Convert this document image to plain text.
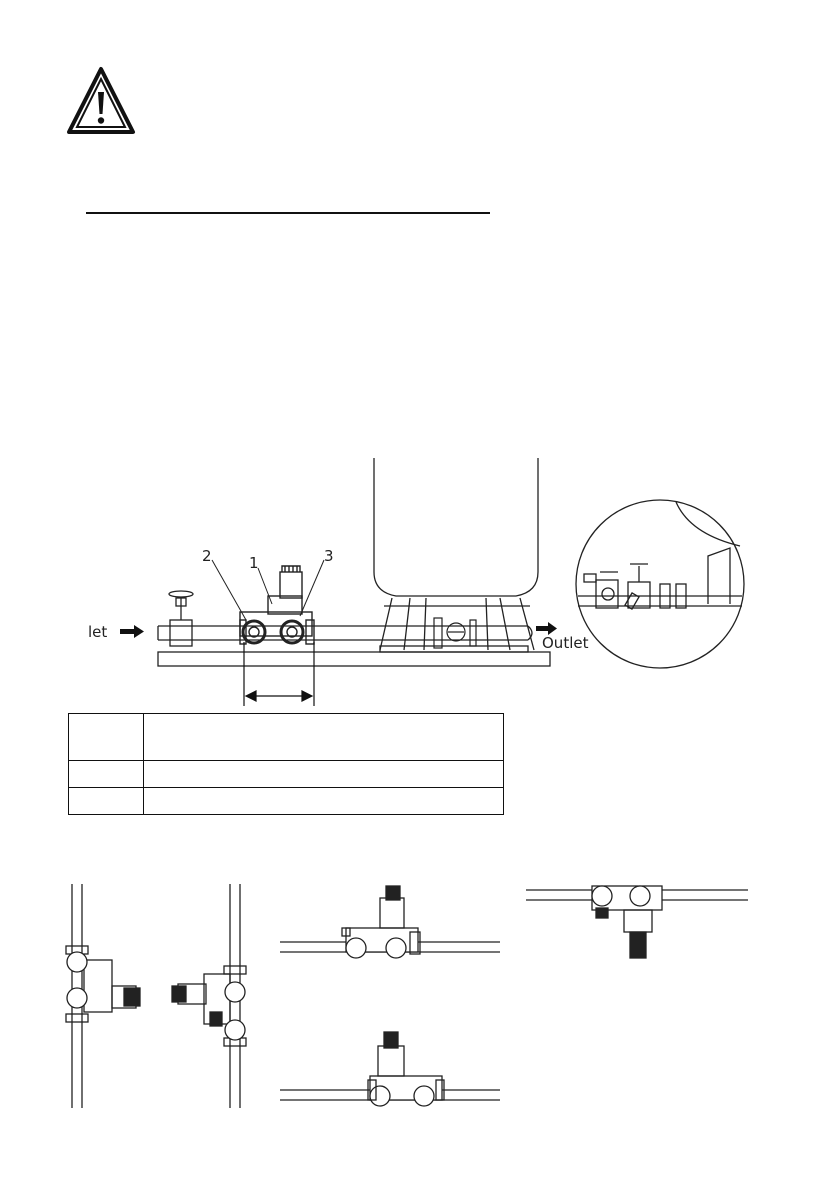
2 1	3
let
Outlet
